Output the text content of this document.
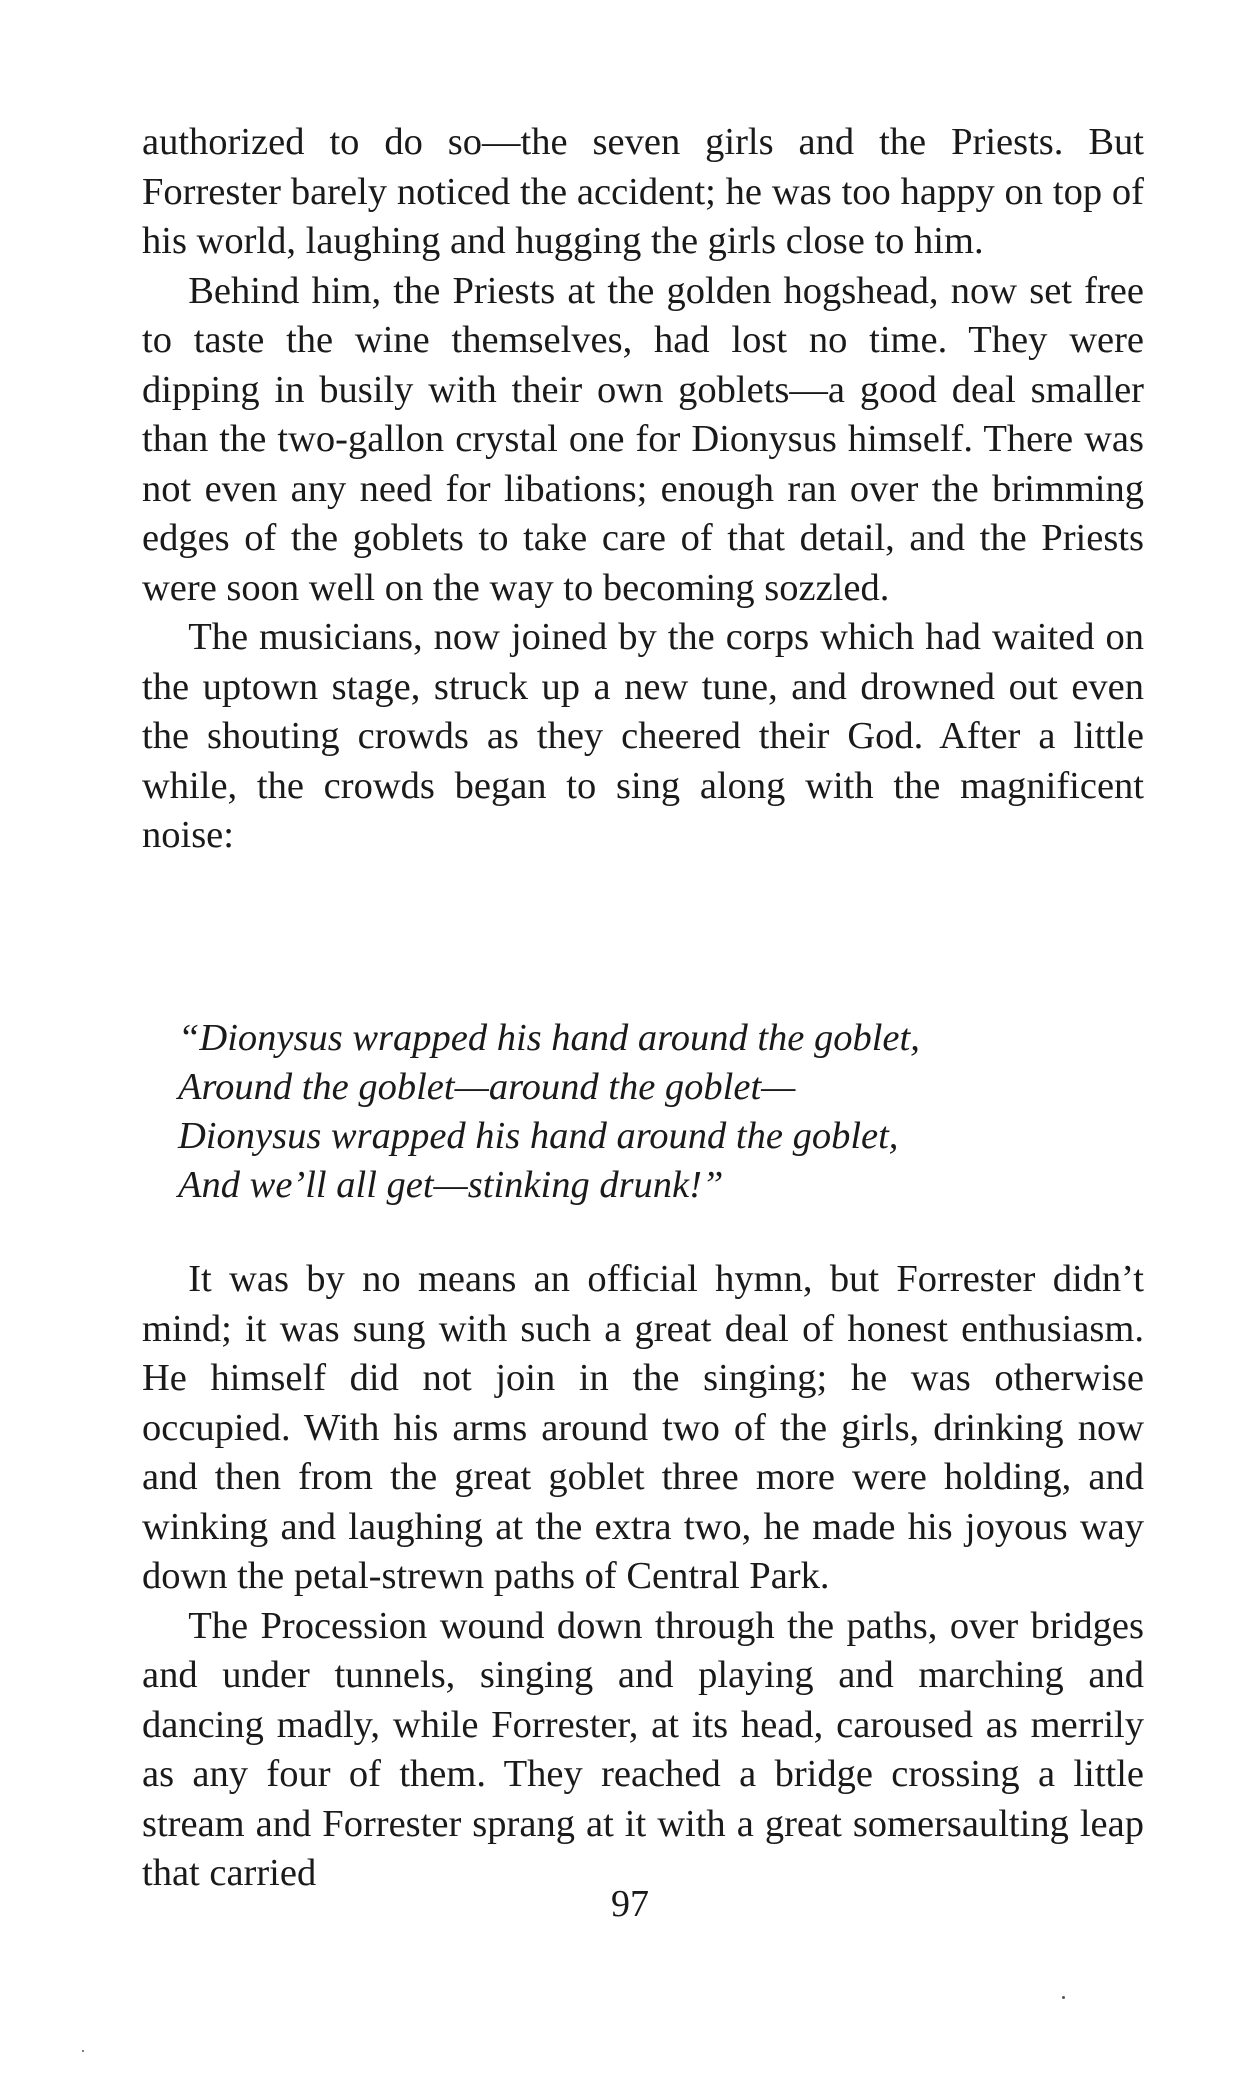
authorized to do so—the seven girls and the Priests. But Forrester barely noticed the accident; he was too happy on top of his world, laughing and hugging the girls close to him.

Behind him, the Priests at the golden hogshead, now set free to taste the wine themselves, had lost no time. They were dipping in busily with their own goblets—a good deal smaller than the two-gallon crystal one for Dionysus himself. There was not even any need for libations; enough ran over the brimming edges of the goblets to take care of that detail, and the Priests were soon well on the way to becoming sozzled.

The musicians, now joined by the corps which had waited on the uptown stage, struck up a new tune, and drowned out even the shouting crowds as they cheered their God. After a little while, the crowds began to sing along with the magnificent noise:

“Dionysus wrapped his hand around the goblet,
Around the goblet—around the goblet—
Dionysus wrapped his hand around the goblet,
And we’ll all get—stinking drunk!”

It was by no means an official hymn, but Forrester didn’t mind; it was sung with such a great deal of honest enthusiasm. He himself did not join in the singing; he was otherwise occupied. With his arms around two of the girls, drinking now and then from the great goblet three more were holding, and winking and laughing at the extra two, he made his joyous way down the petal-strewn paths of Central Park.

The Procession wound down through the paths, over bridges and under tunnels, singing and playing and marching and dancing madly, while Forrester, at its head, caroused as merrily as any four of them. They reached a bridge crossing a little stream and Forrester sprang at it with a great somersaulting leap that carried

97
